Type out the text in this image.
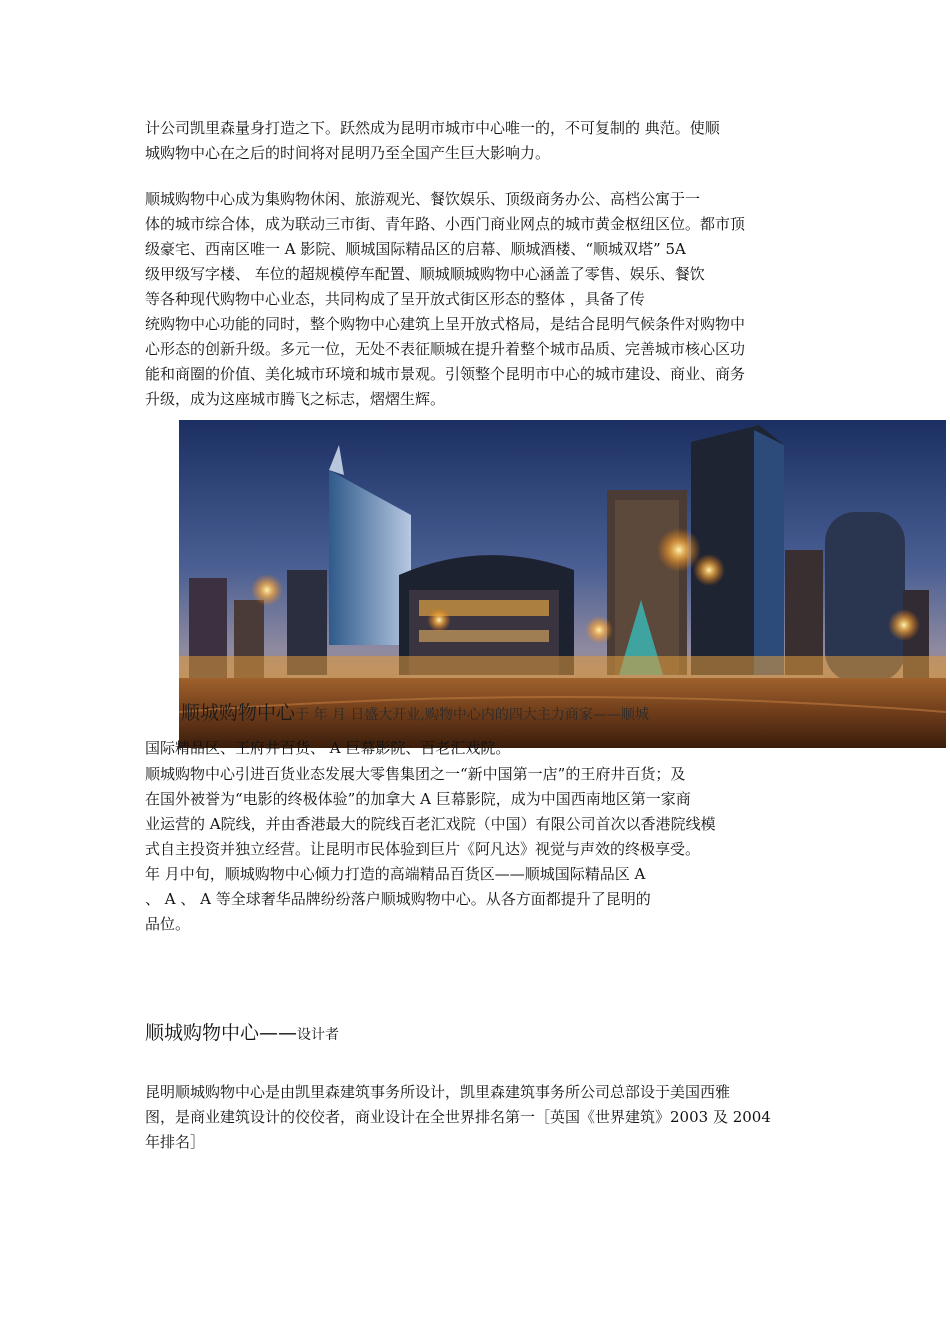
计公司凯里森量身打造之下。跃然成为昆明市城市中心唯一的，不可复制的 典范。使顺
城购物中心在之后的时间将对昆明乃至全国产生巨大影响力。
顺城购物中心成为集购物休闲、旅游观光、餐饮娱乐、顶级商务办公、高档公寓于一
体的城市综合体，成为联动三市街、青年路、小西门商业网点的城市黄金枢纽区位。都市顶
级豪宅、西南区唯一 A 影院、顺城国际精品区的启幕、顺城酒楼、“顺城双塔” 5A
级甲级写字楼、 车位的超规模停车配置、顺城顺城购物中心涵盖了零售、娱乐、餐饮
等各种现代购物中心业态，共同构成了呈开放式街区形态的整体 ，具备了传
统购物中心功能的同时，整个购物中心建筑上呈开放式格局，是结合昆明气候条件对购物中
心形态的创新升级。多元一位，无处不表征顺城在提升着整个城市品质、完善城市核心区功
能和商圈的价值、美化城市环境和城市景观。引领整个昆明市中心的城市建设、商业、商务
升级，成为这座城市腾飞之标志，熠熠生辉。
顺城购物中心于 年 月 日盛大开业,购物中心内的四大主力商家——顺城
国际精品区、王府井百货、 A 巨幕影院、百老汇戏院。
顺城购物中心引进百货业态发展大零售集团之一“新中国第一店”的王府井百货；及
在国外被誉为“电影的终极体验”的加拿大 A 巨幕影院，成为中国西南地区第一家商
业运营的 A院线，并由香港最大的院线百老汇戏院（中国）有限公司首次以香港院线模
式自主投资并独立经营。让昆明市民体验到巨片《阿凡达》视觉与声效的终极享受。
年 月中旬，顺城购物中心倾力打造的高端精品百货区——顺城国际精品区 A
、 A 、 A 等全球奢华品牌纷纷落户顺城购物中心。从各方面都提升了昆明的
品位。
顺城购物中心——设计者
昆明顺城购物中心是由凯里森建筑事务所设计，凯里森建筑事务所公司总部设于美国西雅
图，是商业建筑设计的佼佼者，商业设计在全世界排名第一［英国《世界建筑》2003 及 2004
年排名］
